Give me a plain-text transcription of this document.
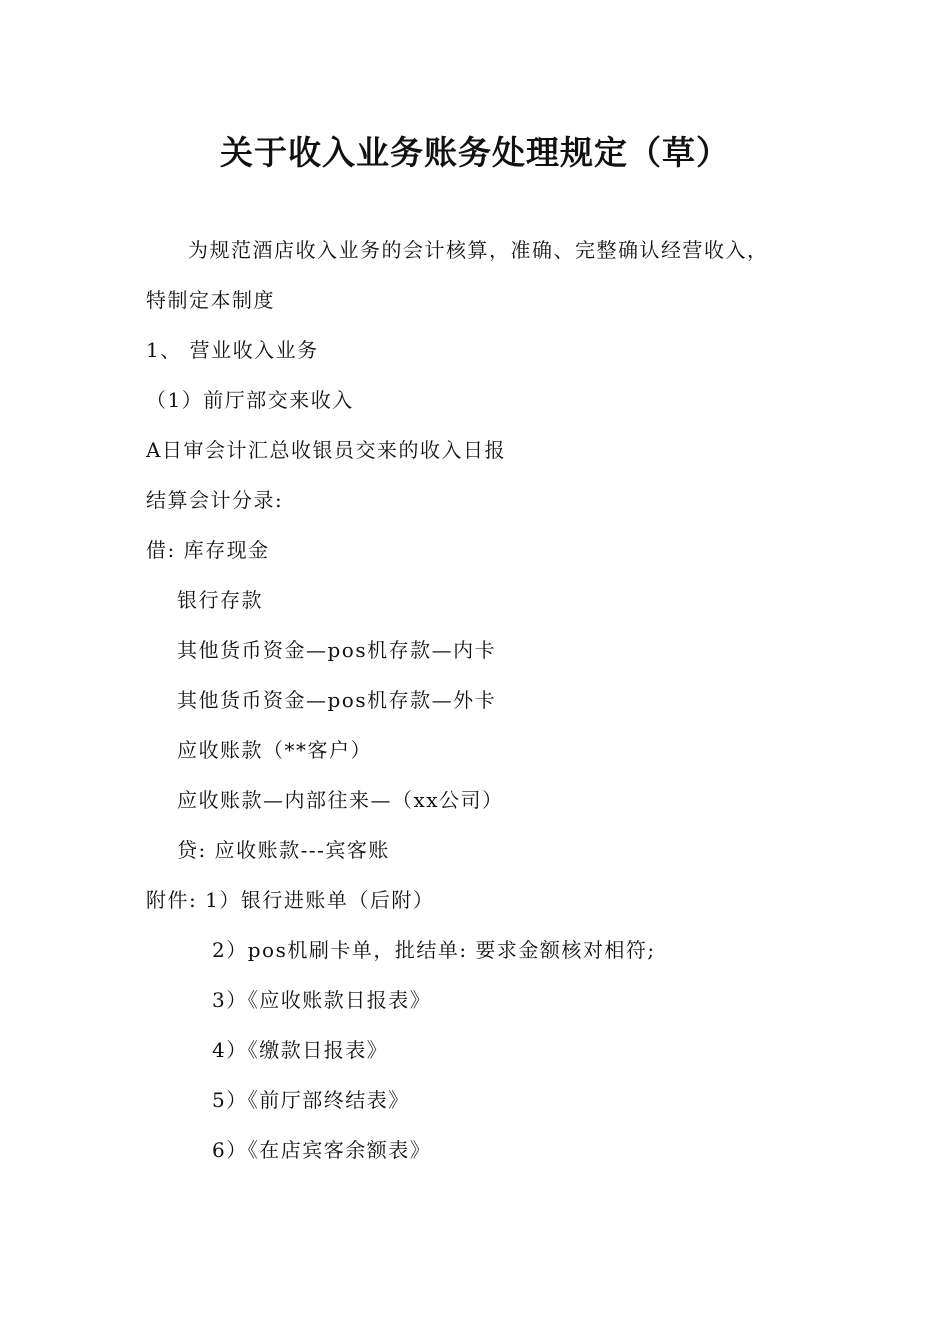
关于收入业务账务处理规定（草）
为规范酒店收入业务的会计核算，准确、完整确认经营收入，
特制定本制度
1、 营业收入业务
（1）前厅部交来收入
A日审会计汇总收银员交来的收入日报
结算会计分录:
借: 库存现金
银行存款
其他货币资金—pos机存款—内卡
其他货币资金—pos机存款—外卡
应收账款（**客户）
应收账款—内部往来—（xx公司）
贷: 应收账款---宾客账
附件: 1）银行进账单（后附）
2）pos机刷卡单，批结单: 要求金额核对相符;
3）《应收账款日报表》
4）《缴款日报表》
5）《前厅部终结表》
6）《在店宾客余额表》
